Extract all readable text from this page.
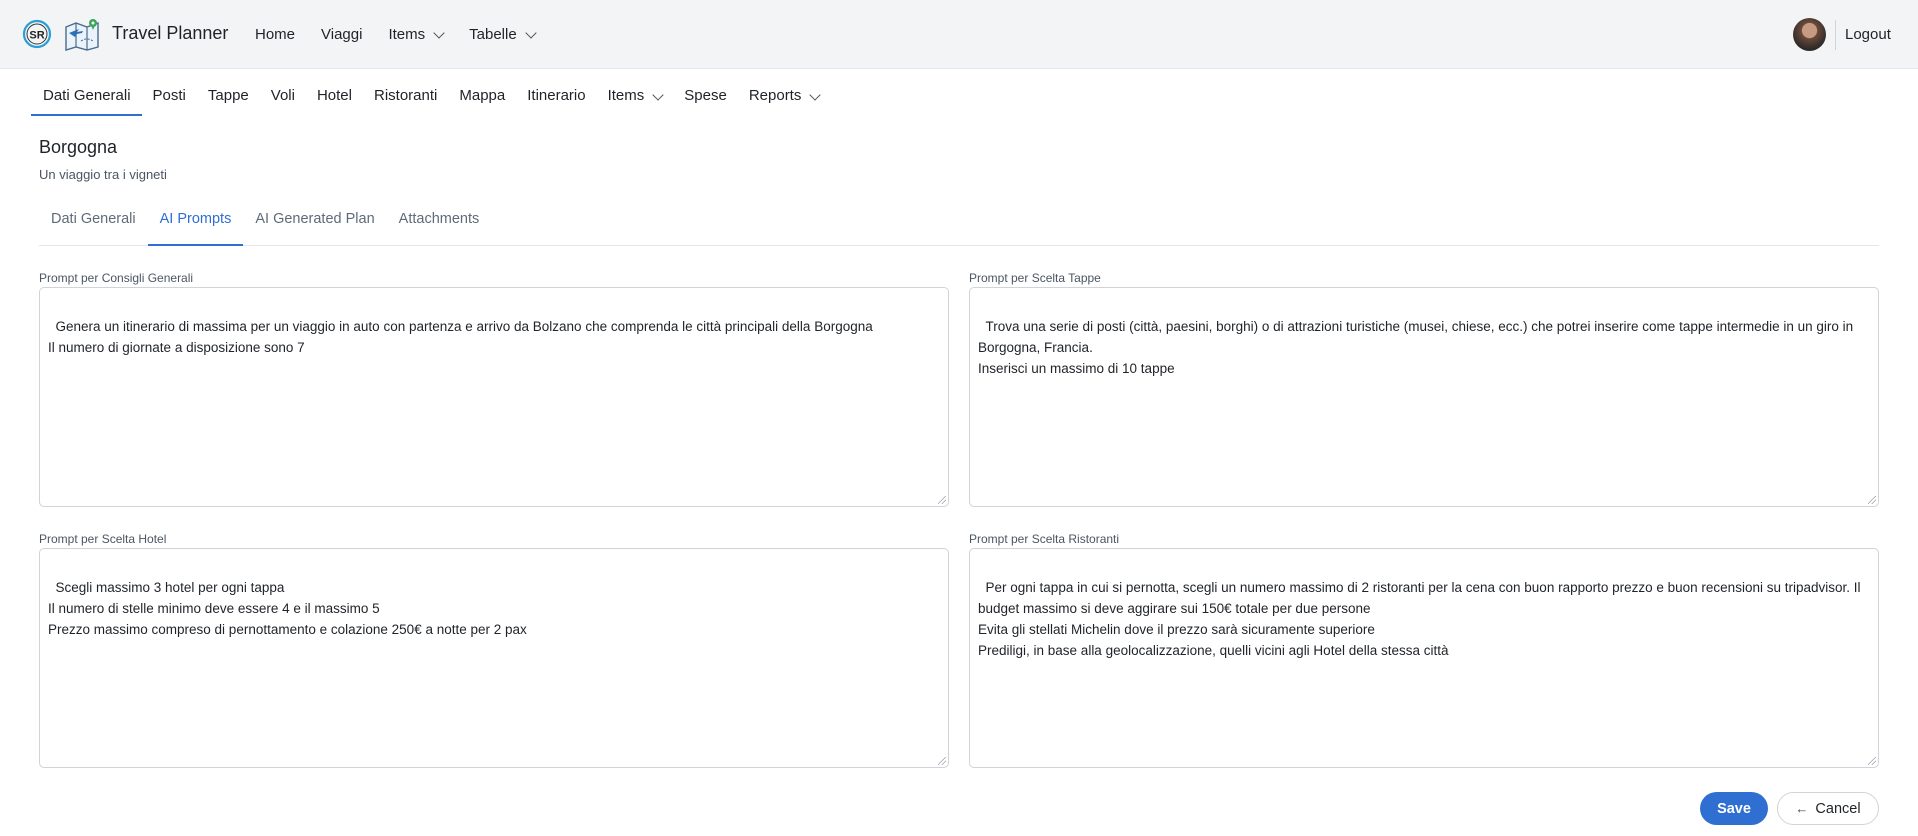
SR	Travel Planner Home Viaggi Items	Tabelle	Logout
Dati Generali	Posti	Tappe	Voli	Hotel	Ristoranti	Mappa	Itinerario	Items	Spese	Reports
Borgogna
Un viaggio tra i vigneti
Dati Generali	AI Prompts	AI Generated Plan	Attachments
Prompt per Consigli Generali

Genera un itinerario di massima per un viaggio in auto con partenza e arrivo da Bolzano che comprenda le città principali della Borgogna
Il numero di giornate a disposizione sono 7

Prompt per Scelta Tappe

Trova una serie di posti (città, paesini, borghi) o di attrazioni turistiche (musei, chiese, ecc.) che potrei inserire come tappe intermedie in un giro in Borgogna, Francia.
Inserisci un massimo di 10 tappe

Prompt per Scelta Hotel

Scegli massimo 3 hotel per ogni tappa
Il numero di stelle minimo deve essere 4 e il massimo 5
Prezzo massimo compreso di pernottamento e colazione 250€ a notte per 2 pax

Prompt per Scelta Ristoranti

Per ogni tappa in cui si pernotta, scegli un numero massimo di 2 ristoranti per la cena con buon rapporto prezzo e buon recensioni su tripadvisor. Il budget massimo si deve aggirare sui 150€ totale per due persone
Evita gli stellati Michelin dove il prezzo sarà sicuramente superiore
Prediligi, in base alla geolocalizzazione, quelli vicini agli Hotel della stessa città

Save	← Cancel
